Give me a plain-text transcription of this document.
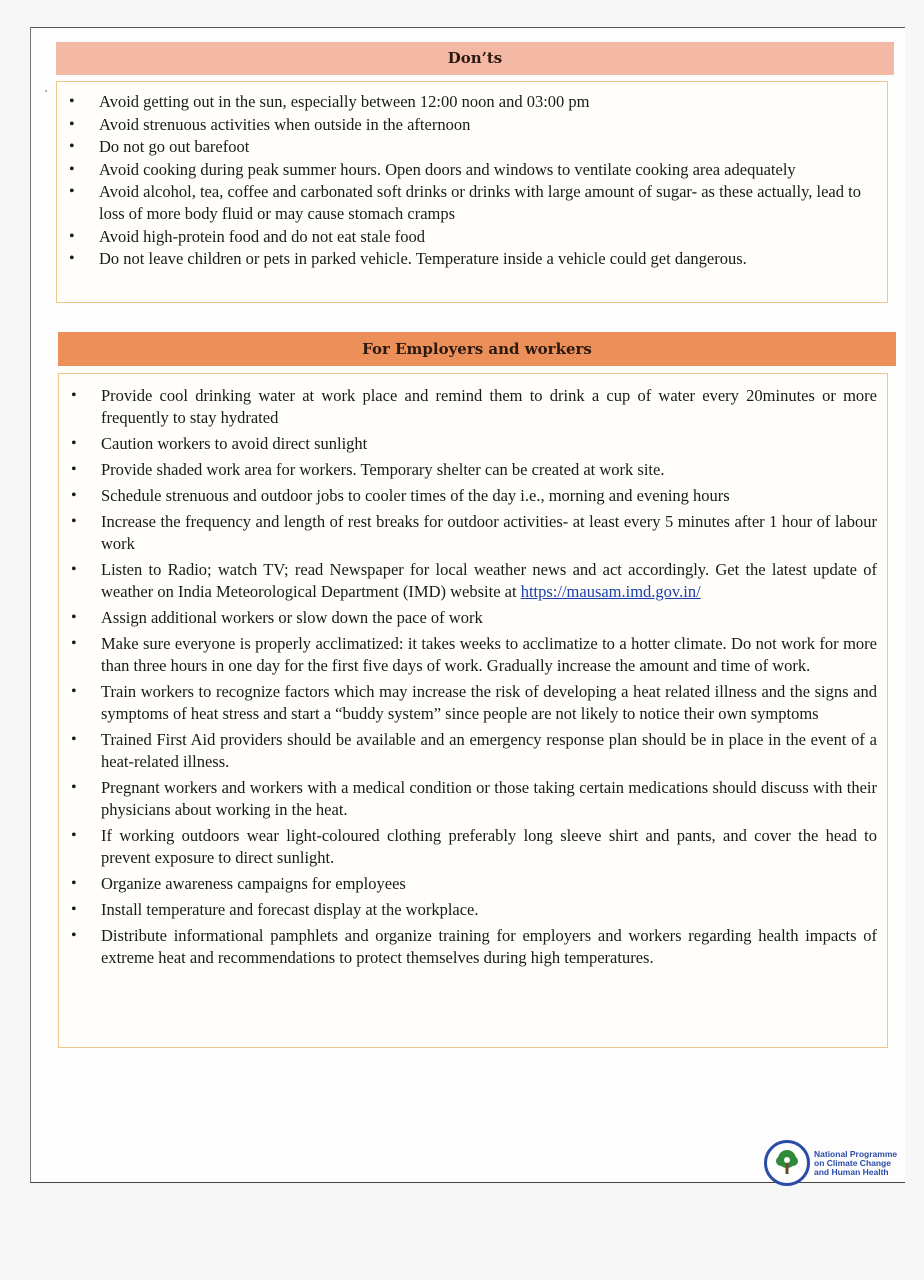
Don’ts
• Avoid getting out in the sun, especially between 12:00 noon and 03:00 pm
• Avoid strenuous activities when outside in the afternoon
• Do not go out barefoot
• Avoid cooking during peak summer hours. Open doors and windows to ventilate cooking area adequately
• Avoid alcohol, tea, coffee and carbonated soft drinks or drinks with large amount of sugar- as these actually, lead to loss of more body fluid or may cause stomach cramps
• Avoid high-protein food and do not eat stale food
• Do not leave children or pets in parked vehicle. Temperature inside a vehicle could get dangerous.
For Employers and workers
• Provide cool drinking water at work place and remind them to drink a cup of water every 20minutes or more frequently to stay hydrated
• Caution workers to avoid direct sunlight
• Provide shaded work area for workers. Temporary shelter can be created at work site.
• Schedule strenuous and outdoor jobs to cooler times of the day i.e., morning and evening hours
• Increase the frequency and length of rest breaks for outdoor activities- at least every 5 minutes after 1 hour of labour work
• Listen to Radio; watch TV; read Newspaper for local weather news and act accordingly. Get the latest update of weather on India Meteorological Department (IMD) website at https://mausam.imd.gov.in/
• Assign additional workers or slow down the pace of work
• Make sure everyone is properly acclimatized: it takes weeks to acclimatize to a hotter climate. Do not work for more than three hours in one day for the first five days of work. Gradually increase the amount and time of work.
• Train workers to recognize factors which may increase the risk of developing a heat related illness and the signs and symptoms of heat stress and start a “buddy system” since people are not likely to notice their own symptoms
• Trained First Aid providers should be available and an emergency response plan should be in place in the event of a heat-related illness.
• Pregnant workers and workers with a medical condition or those taking certain medications should discuss with their physicians about working in the heat.
• If working outdoors wear light-coloured clothing preferably long sleeve shirt and pants, and cover the head to prevent exposure to direct sunlight.
• Organize awareness campaigns for employees
• Install temperature and forecast display at the workplace.
• Distribute informational pamphlets and organize training for employers and workers regarding health impacts of extreme heat and recommendations to protect themselves during high temperatures.
National Programme
on Climate Change
and Human Health
